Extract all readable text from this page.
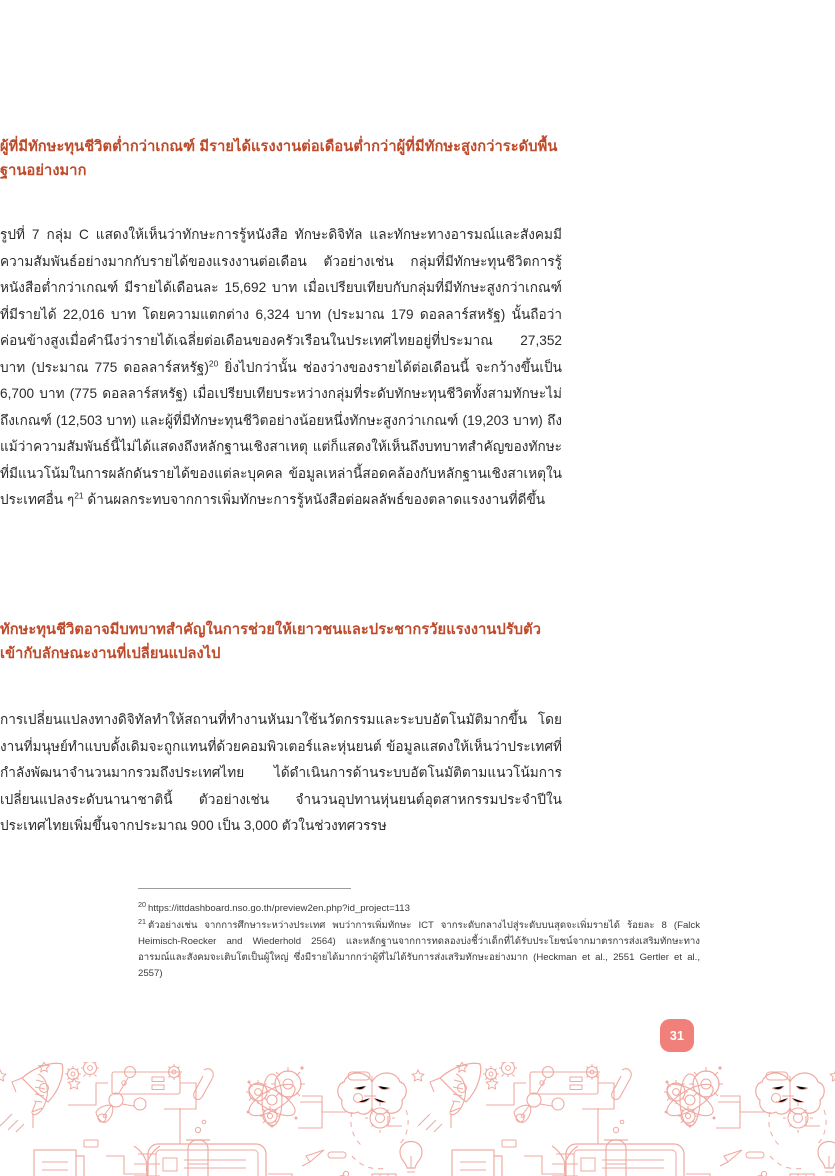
ผู้ที่มีทักษะทุนชีวิตต่ำกว่าเกณฑ์ มีรายได้แรงงานต่อเดือนต่ำกว่าผู้ที่มีทักษะสูงกว่าระดับพื้นฐานอย่างมาก

รูปที่ 7 กลุ่ม C แสดงให้เห็นว่าทักษะการรู้หนังสือ ทักษะดิจิทัล และทักษะทางอารมณ์และสังคมมีความสัมพันธ์อย่างมากกับรายได้ของแรงงานต่อเดือน ตัวอย่างเช่น กลุ่มที่มีทักษะทุนชีวิตการรู้หนังสือต่ำกว่าเกณฑ์ มีรายได้เดือนละ 15,692 บาท เมื่อเปรียบเทียบกับกลุ่มที่มีทักษะสูงกว่าเกณฑ์ที่มีรายได้ 22,016 บาท โดยความแตกต่าง 6,324 บาท (ประมาณ 179 ดอลลาร์สหรัฐ) นั้นถือว่าค่อนข้างสูงเมื่อคำนึงว่ารายได้เฉลี่ยต่อเดือนของครัวเรือนในประเทศไทยอยู่ที่ประมาณ 27,352 บาท (ประมาณ 775 ดอลลาร์สหรัฐ)$^{20}$ ยิ่งไปกว่านั้น ช่องว่างของรายได้ต่อเดือนนี้ จะกว้างขึ้นเป็น 6,700 บาท (775 ดอลลาร์สหรัฐ) เมื่อเปรียบเทียบระหว่างกลุ่มที่ระดับทักษะทุนชีวิตทั้งสามทักษะไม่ถึงเกณฑ์ (12,503 บาท) และผู้ที่มีทักษะทุนชีวิตอย่างน้อยหนึ่งทักษะสูงกว่าเกณฑ์ (19,203 บาท) ถึงแม้ว่าความสัมพันธ์นี้ไม่ได้แสดงถึงหลักฐานเชิงสาเหตุ แต่ก็แสดงให้เห็นถึงบทบาทสำคัญของทักษะที่มีแนวโน้มในการผลักดันรายได้ของแต่ละบุคคล ข้อมูลเหล่านี้สอดคล้องกับหลักฐานเชิงสาเหตุในประเทศอื่น ๆ$^{21}$ ด้านผลกระทบจากการเพิ่มทักษะการรู้หนังสือต่อผลลัพธ์ของตลาดแรงงานที่ดีขึ้น

ทักษะทุนชีวิตอาจมีบทบาทสำคัญในการช่วยให้เยาวชนและประชากรวัยแรงงานปรับตัวเข้ากับลักษณะงานที่เปลี่ยนแปลงไป

การเปลี่ยนแปลงทางดิจิทัลทำให้สถานที่ทำงานหันมาใช้นวัตกรรมและระบบอัตโนมัติมากขึ้น โดยงานที่มนุษย์ทำแบบดั้งเดิมจะถูกแทนที่ด้วยคอมพิวเตอร์และหุ่นยนต์ ข้อมูลแสดงให้เห็นว่าประเทศที่กำลังพัฒนาจำนวนมากรวมถึงประเทศไทย ได้ดำเนินการด้านระบบอัตโนมัติตามแนวโน้มการเปลี่ยนแปลงระดับนานาชาตินี้ ตัวอย่างเช่น จำนวนอุปทานหุ่นยนต์อุตสาหกรรมประจำปีในประเทศไทยเพิ่มขึ้นจากประมาณ 900 เป็น 3,000 ตัวในช่วงทศวรรษ

$^{20}$ https://ittdashboard.nso.go.th/preview2en.php?id_project=113

$^{21}$ ตัวอย่างเช่น จากการศึกษาระหว่างประเทศ พบว่าการเพิ่มทักษะ ICT จากระดับกลางไปสู่ระดับบนสุดจะเพิ่มรายได้ ร้อยละ 8 (Falck Heimisch-Roecker and Wiederhold 2564) และหลักฐานจากการทดลองบ่งชี้ว่าเด็กที่ได้รับประโยชน์จากมาตรการส่งเสริมทักษะทางอารมณ์และสังคมจะเติบโตเป็นผู้ใหญ่ ซึ่งมีรายได้มากกว่าผู้ที่ไม่ได้รับการส่งเสริมทักษะอย่างมาก (Heckman et al., 2551 Gertler et al., 2557)

31
